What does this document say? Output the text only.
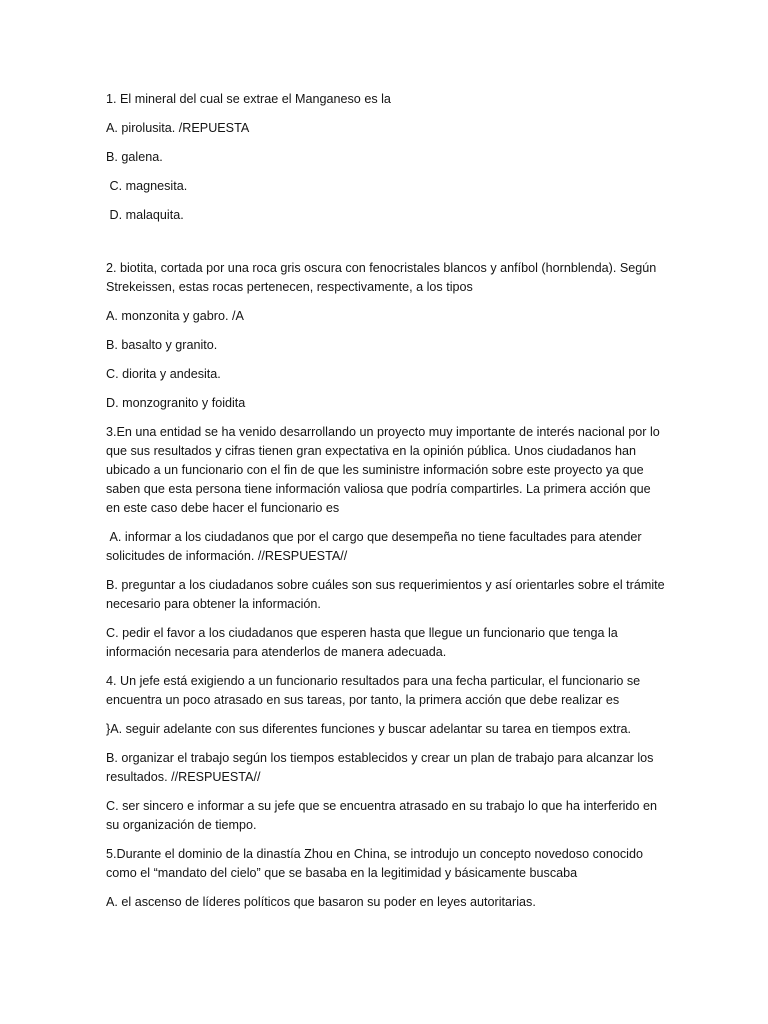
1. El mineral del cual se extrae el Manganeso es la

A. pirolusita. /REPUESTA

B. galena.

C. magnesita.

D. malaquita.

2. biotita, cortada por una roca gris oscura con fenocristales blancos y anfíbol (hornblenda). Según Strekeissen, estas rocas pertenecen, respectivamente, a los tipos

A. monzonita y gabro. /A

B. basalto y granito.

C. diorita y andesita.

D. monzogranito y foidita

3.En una entidad se ha venido desarrollando un proyecto muy importante de interés nacional por lo que sus resultados y cifras tienen gran expectativa en la opinión pública. Unos ciudadanos han ubicado a un funcionario con el fin de que les suministre información sobre este proyecto ya que saben que esta persona tiene información valiosa que podría compartirles. La primera acción que en este caso debe hacer el funcionario es

A. informar a los ciudadanos que por el cargo que desempeña no tiene facultades para atender solicitudes de información. //RESPUESTA//

B. preguntar a los ciudadanos sobre cuáles son sus requerimientos y así orientarles sobre el trámite necesario para obtener la información.

C. pedir el favor a los ciudadanos que esperen hasta que llegue un funcionario que tenga la información necesaria para atenderlos de manera adecuada.

4. Un jefe está exigiendo a un funcionario resultados para una fecha particular, el funcionario se encuentra un poco atrasado en sus tareas, por tanto, la primera acción que debe realizar es

}A. seguir adelante con sus diferentes funciones y buscar adelantar su tarea en tiempos extra.

B. organizar el trabajo según los tiempos establecidos y crear un plan de trabajo para alcanzar los resultados. //RESPUESTA//

C. ser sincero e informar a su jefe que se encuentra atrasado en su trabajo lo que ha interferido en su organización de tiempo.

5.Durante el dominio de la dinastía Zhou en China, se introdujo un concepto novedoso conocido como el “mandato del cielo” que se basaba en la legitimidad y básicamente buscaba

A. el ascenso de líderes políticos que basaron su poder en leyes autoritarias.
